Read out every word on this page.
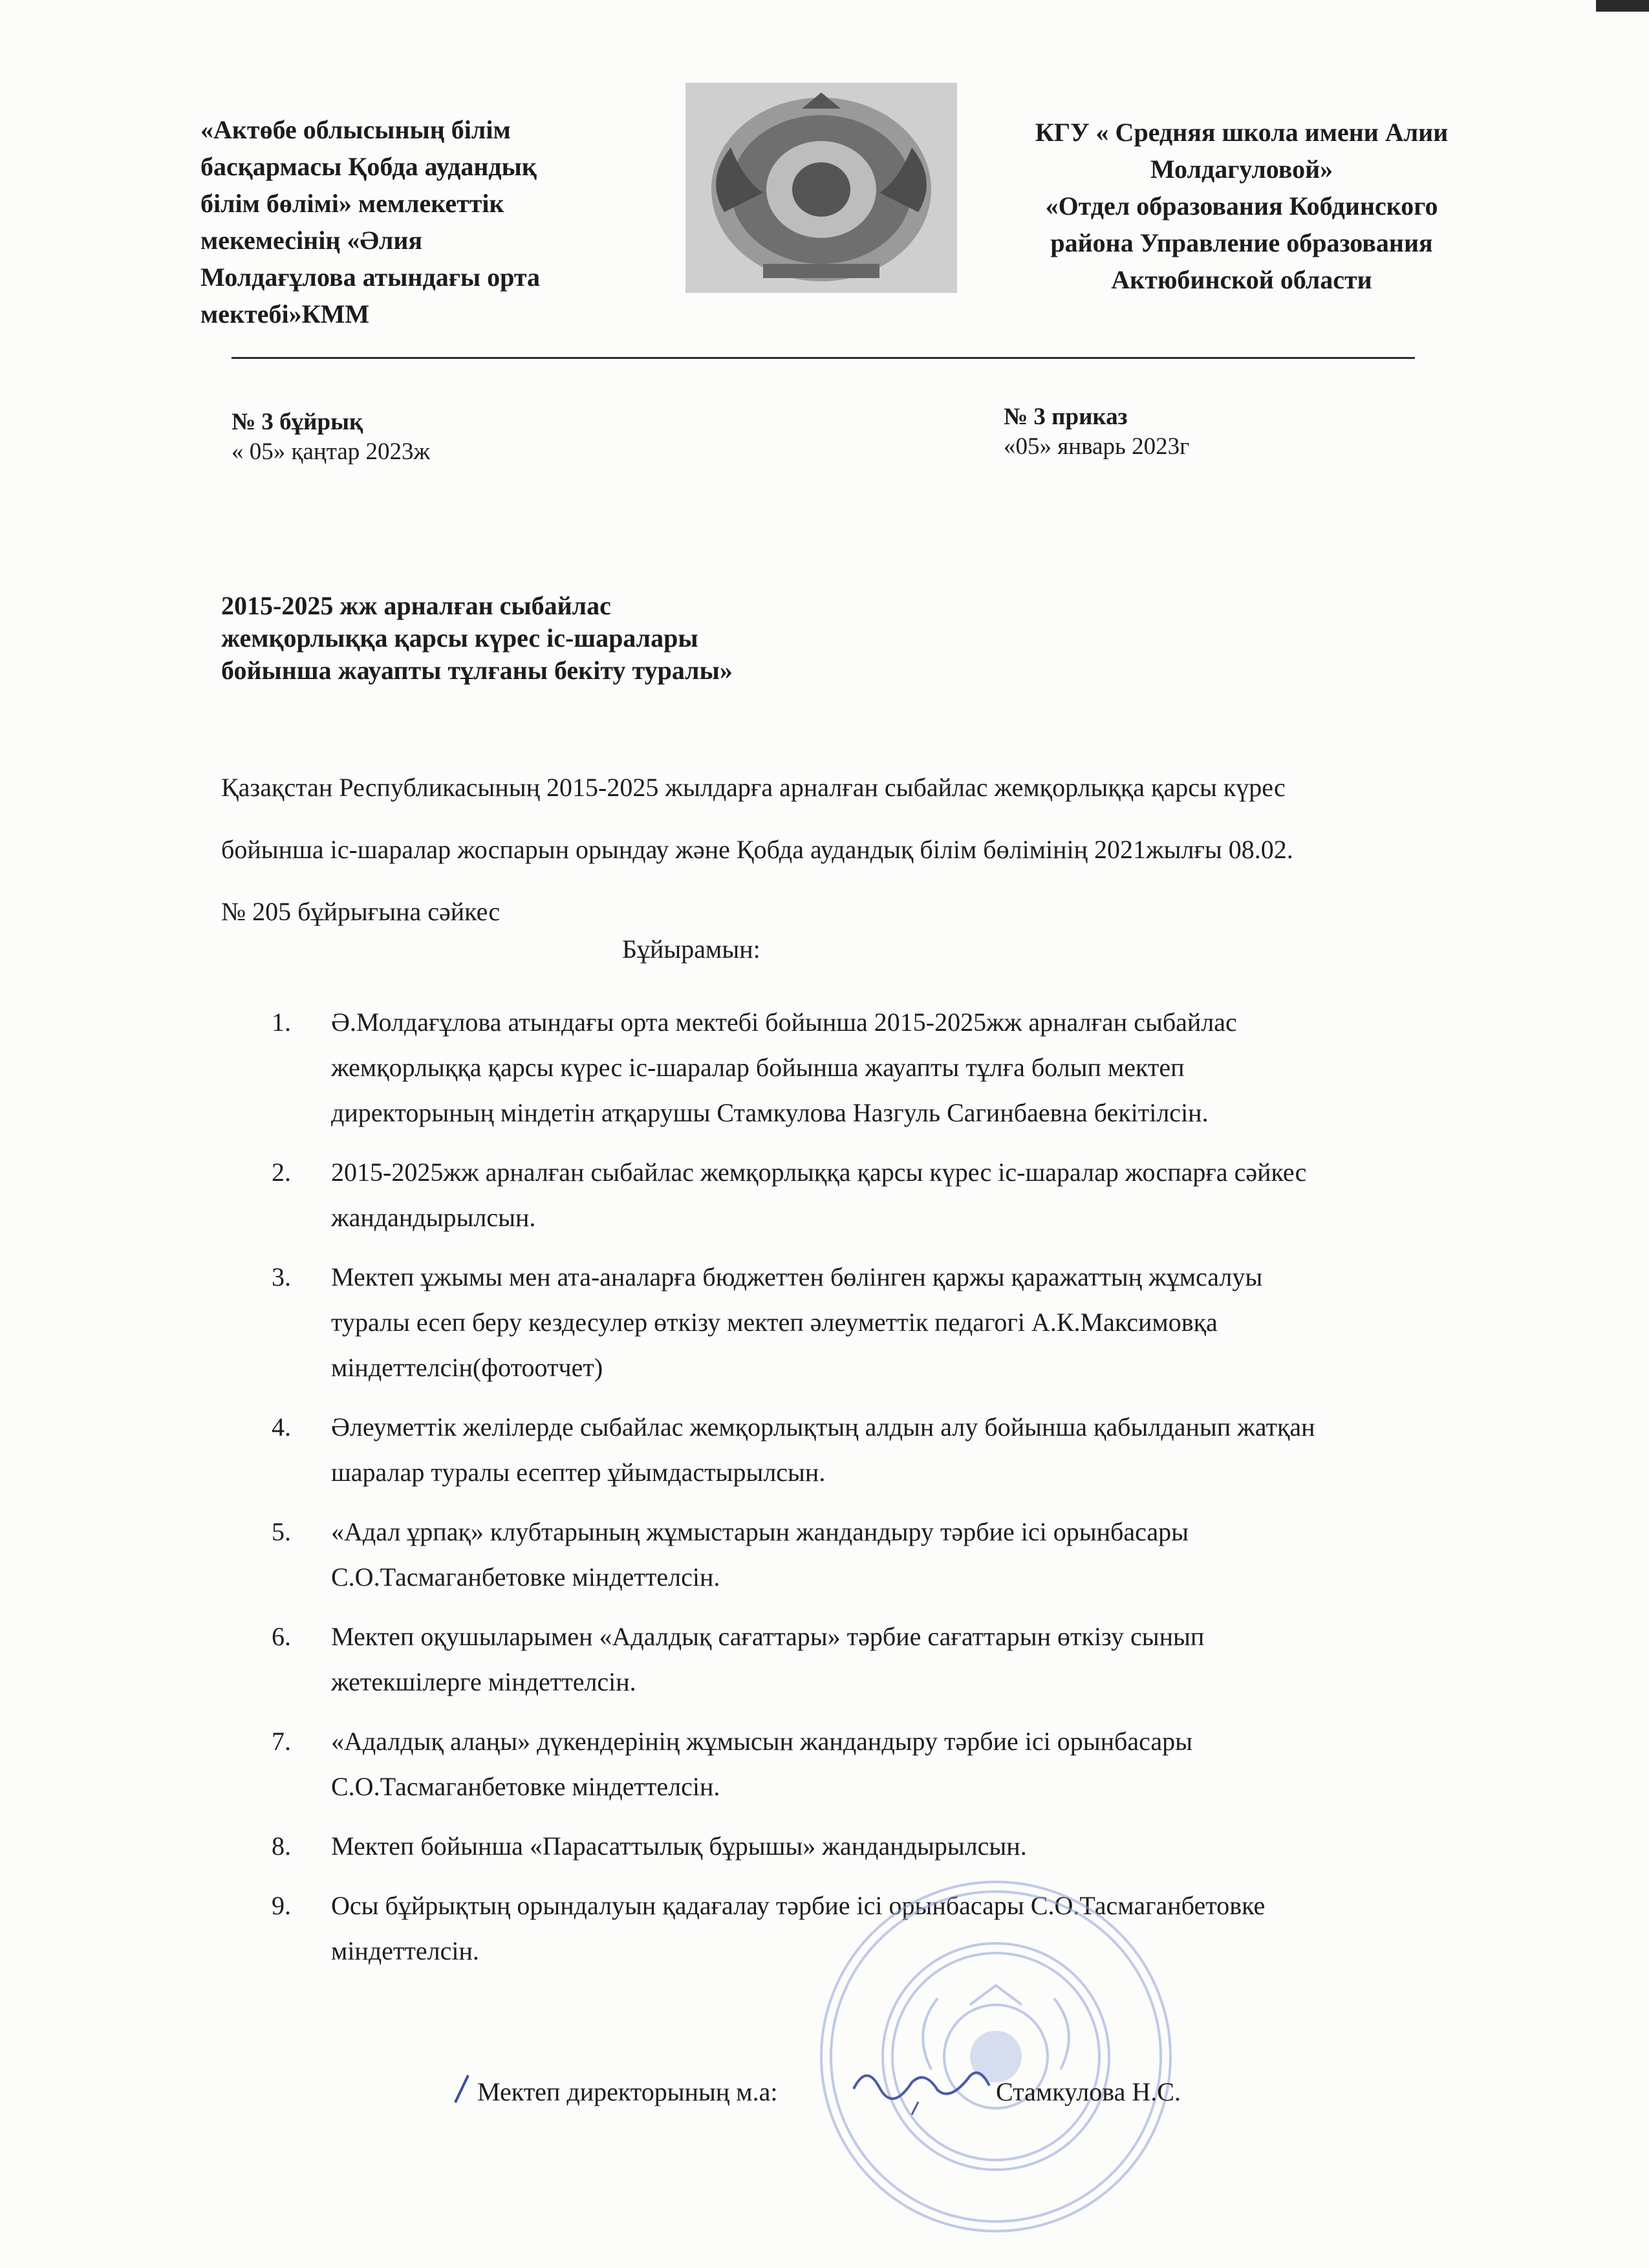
«Актөбе облысының білім
басқармасы Қобда аудандық
білім бөлімі» мемлекеттік
мекемесінің «Әлия
Молдағұлова атындағы орта
мектебі»КММ
КГУ « Средняя школа имени Алии
Молдагуловой»
«Отдел образования Кобдинского
района Управление образования
Актюбинской области
№ 3 бұйрық
« 05» қаңтар 2023ж
№ 3 приказ
«05» январь 2023г
2015-2025 жж арналған сыбайлас
жемқорлыққа қарсы күрес іс-шаралары
бойынша жауапты тұлғаны бекіту туралы»
Қазақстан Республикасының 2015-2025 жылдарға арналған сыбайлас жемқорлыққа қарсы күрес
бойынша іс-шаралар жоспарын орындау және Қобда аудандық білім бөлімінің 2021жылғы 08.02.
№ 205 бұйрығына сәйкес
Бұйырамын:
1.	Ә.Молдағұлова атындағы орта мектебі бойынша 2015-2025жж арналған сыбайлас
жемқорлыққа қарсы күрес іс-шаралар бойынша жауапты тұлға болып мектеп
директорының міндетін атқарушы Стамкулова Назгуль Сагинбаевна бекітілсін.
2.	2015-2025жж арналған сыбайлас жемқорлыққа қарсы күрес іс-шаралар жоспарға сәйкес
жандандырылсын.
3.	Мектеп ұжымы мен ата-аналарға бюджеттен бөлінген қаржы қаражаттың жұмсалуы
туралы есеп беру кездесулер өткізу мектеп әлеуметтік педагогі А.К.Максимовқа
міндеттелсін(фотоотчет)
4.	Әлеуметтік желілерде сыбайлас жемқорлықтың алдын алу бойынша қабылданып жатқан
шаралар туралы есептер ұйымдастырылсын.
5.	«Адал ұрпақ» клубтарының жұмыстарын жандандыру тәрбие ісі орынбасары
С.О.Тасмаганбетовке міндеттелсін.
6.	Мектеп оқушыларымен «Адалдық сағаттары» тәрбие сағаттарын өткізу сынып
жетекшілерге міндеттелсін.
7.	«Адалдық алаңы» дүкендерінің жұмысын жандандыру тәрбие ісі орынбасары
С.О.Тасмаганбетовке міндеттелсін.
8.	Мектеп бойынша «Парасаттылық бұрышы» жандандырылсын.
9.	Осы бұйрықтың орындалуын қадағалау тәрбие ісі орынбасары С.О.Тасмаганбетовке
міндеттелсін.
Мектеп директорының м.а:	Стамкулова Н.С.
